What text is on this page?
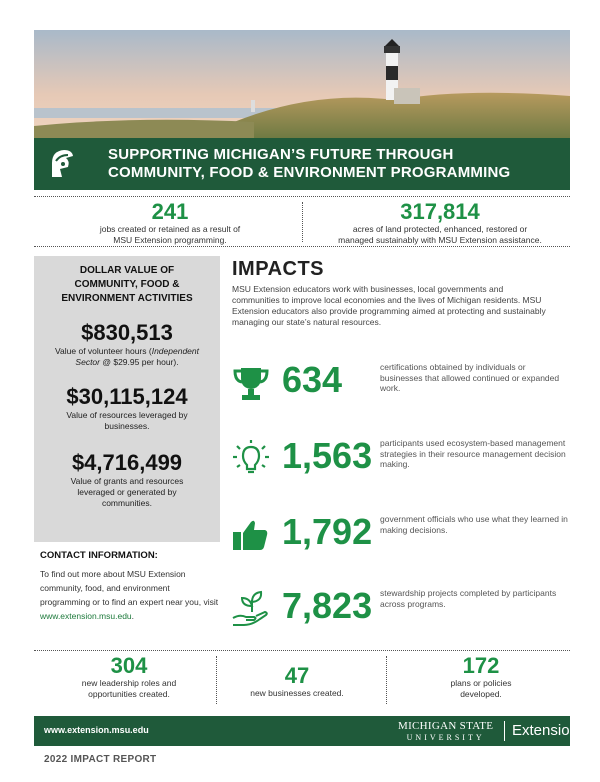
SUPPORTING MICHIGAN’S FUTURE THROUGH
COMMUNITY, FOOD & ENVIRONMENT PROGRAMMING
241
jobs created or retained as a result of
MSU Extension programming.
317,814
acres of land protected, enhanced, restored or
managed sustainably with MSU Extension assistance.
DOLLAR VALUE OF
COMMUNITY, FOOD &
ENVIRONMENT ACTIVITIES
$830,513
Value of volunteer hours (Independent Sector @ $29.95 per hour).
$30,115,124
Value of resources leveraged by
businesses.
$4,716,499
Value of grants and resources
leveraged or generated by
communities.
CONTACT INFORMATION:

To find out more about MSU Extension community, food, and environment programming or to find an expert near you, visit www.extension.msu.edu.

IMPACTS
MSU Extension educators work with businesses, local governments and communities to improve local economies and the lives of Michigan residents. MSU Extension educators also provide programming aimed at protecting and sustainably managing our state’s natural resources.
634	certifications obtained by individuals or businesses that allowed continued or expanded work.
1,563 participants used ecosystem-based management strategies in their resource management decision making.
1,792 government officials who use what they learned in making decisions.
7,823 stewardship projects completed by participants across programs.
304
new leadership roles and
opportunities created.
47
new businesses created.
172
plans or policies
developed.
www.extension.msu.edu	MICHIGAN STATE
UNIVERSITY	Extension
2022 IMPACT REPORT
